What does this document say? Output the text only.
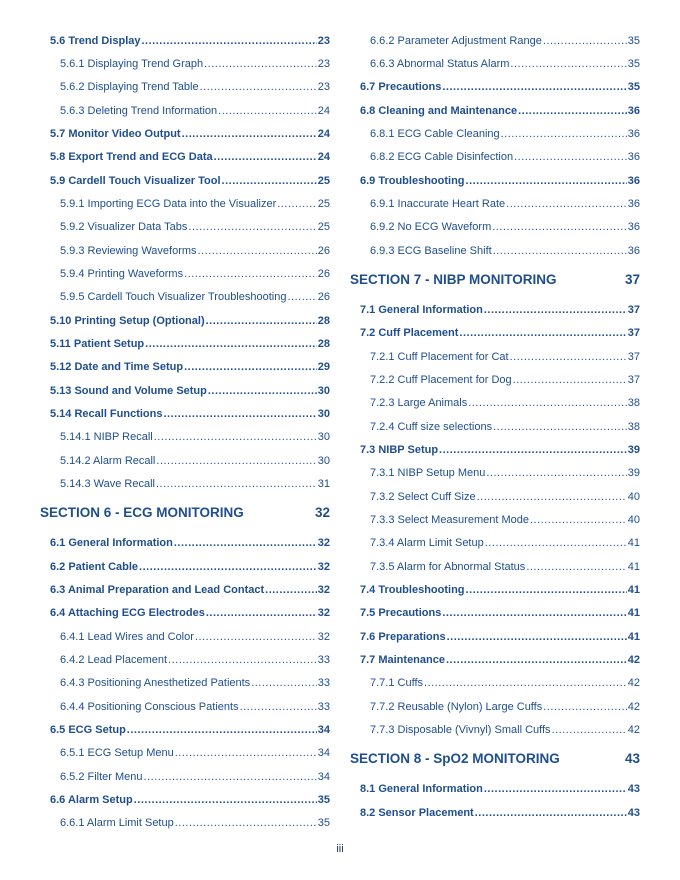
5.6 Trend Display .....	23
5.6.1 Displaying Trend Graph .....	23
5.6.2 Displaying Trend Table .....	23
5.6.3 Deleting Trend Information .....	24
5.7 Monitor Video Output .....	24
5.8 Export Trend and ECG Data .....	24
5.9 Cardell Touch Visualizer Tool .....	25
5.9.1 Importing ECG Data into the Visualizer .....	25
5.9.2 Visualizer Data Tabs .....	25
5.9.3 Reviewing Waveforms .....	26
5.9.4 Printing Waveforms .....	26
5.9.5 Cardell Touch Visualizer Troubleshooting .....	26
5.10 Printing Setup (Optional) .....	28
5.11 Patient Setup .....	28
5.12 Date and Time Setup .....	29
5.13 Sound and Volume Setup .....	30
5.14 Recall Functions .....	30
5.14.1 NIBP Recall .....	30
5.14.2 Alarm Recall .....	30
5.14.3 Wave Recall .....	31
SECTION 6 - ECG MONITORING	32
6.1 General Information .....	32
6.2 Patient Cable .....	32
6.3 Animal Preparation and Lead Contact .....	32
6.4 Attaching ECG Electrodes .....	32
6.4.1 Lead Wires and Color .....	32
6.4.2 Lead Placement .....	33
6.4.3 Positioning Anesthetized Patients .....	33
6.4.4 Positioning Conscious Patients .....	33
6.5 ECG Setup .....	34
6.5.1 ECG Setup Menu .....	34
6.5.2 Filter Menu .....	34
6.6 Alarm Setup .....	35
6.6.1 Alarm Limit Setup .....	35
6.6.2 Parameter Adjustment Range .....	35
6.6.3 Abnormal Status Alarm .....	35
6.7 Precautions .....	35
6.8 Cleaning and Maintenance .....	36
6.8.1 ECG Cable Cleaning .....	36
6.8.2 ECG Cable Disinfection .....	36
6.9 Troubleshooting .....	36
6.9.1 Inaccurate Heart Rate .....	36
6.9.2 No ECG Waveform .....	36
6.9.3 ECG Baseline Shift .....	36
SECTION 7 - NIBP MONITORING	37
7.1 General Information .....	37
7.2 Cuff Placement .....	37
7.2.1 Cuff Placement for Cat .....	37
7.2.2 Cuff Placement for Dog .....	37
7.2.3 Large Animals .....	38
7.2.4 Cuff size selections .....	38
7.3 NIBP Setup .....	39
7.3.1 NIBP Setup Menu .....	39
7.3.2 Select Cuff Size .....	40
7.3.3 Select Measurement Mode .....	40
7.3.4 Alarm Limit Setup .....	41
7.3.5 Alarm for Abnormal Status .....	41
7.4 Troubleshooting .....	41
7.5 Precautions .....	41
7.6 Preparations .....	41
7.7 Maintenance .....	42
7.7.1 Cuffs .....	42
7.7.2 Reusable (Nylon) Large Cuffs .....	42
7.7.3 Disposable (Vivnyl) Small Cuffs .....	42
SECTION 8 - SpO2 MONITORING	43
8.1 General Information .....	43
8.2 Sensor Placement .....	43
iii
